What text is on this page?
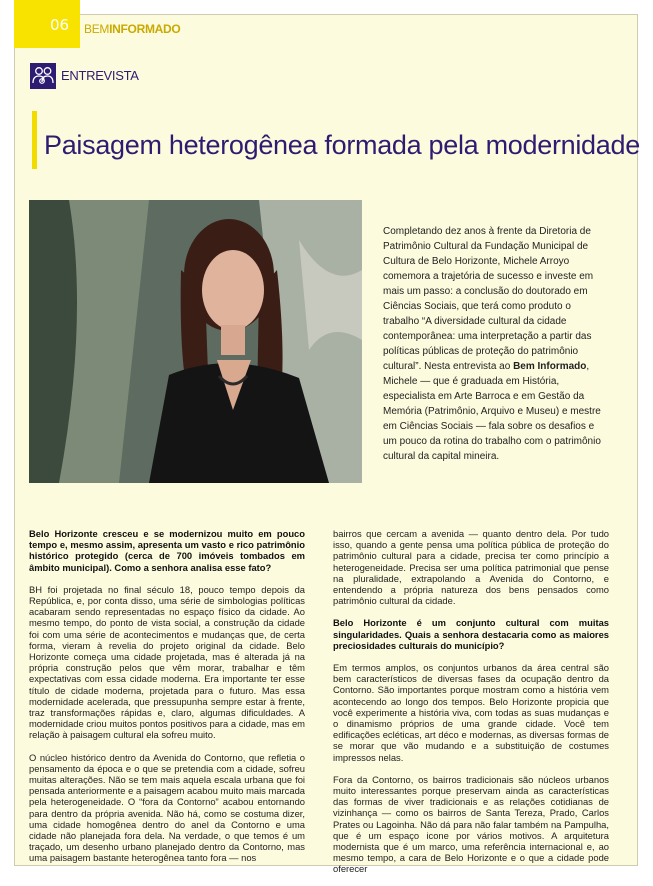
06 BEMINFORMADO
ENTREVISTA
Paisagem heterogênea formada pela modernidade
Completando dez anos à frente da Diretoria de Patrimônio Cultural da Fundação Municipal de Cultura de Belo Horizonte, Michele Arroyo comemora a trajetória de sucesso e investe em mais um passo: a conclusão do doutorado em Ciências Sociais, que terá como produto o trabalho “A diversidade cultural da cidade contemporânea: uma interpretação a partir das políticas públicas de proteção do patrimônio cultural”. Nesta entrevista ao Bem Informado, Michele — que é graduada em História, especialista em Arte Barroca e em Gestão da Memória (Patrimônio, Arquivo e Museu) e mestre em Ciências Sociais — fala sobre os desafios e um pouco da rotina do trabalho com o patrimônio cultural da capital mineira.

Belo Horizonte cresceu e se modernizou muito em pouco tempo e, mesmo assim, apresenta um vasto e rico patrimônio histórico protegido (cerca de 700 imóveis tombados em âmbito municipal). Como a senhora analisa esse fato?

BH foi projetada no final século 18, pouco tempo depois da República, e, por conta disso, uma série de simbologias políticas acabaram sendo representadas no espaço físico da cidade. Ao mesmo tempo, do ponto de vista social, a construção da cidade foi com uma série de acontecimentos e mudanças que, de certa forma, vieram à revelia do projeto original da cidade. Belo Horizonte começa uma cidade projetada, mas é alterada já na própria construção pelos que vêm morar, trabalhar e têm expectativas com essa cidade moderna. Era importante ter esse título de cidade moderna, projetada para o futuro. Mas essa modernidade acelerada, que pressupunha sempre estar à frente, traz transformações rápidas e, claro, algumas dificuldades. A modernidade criou muitos pontos positivos para a cidade, mas em relação à paisagem cultural ela sofreu muito.

O núcleo histórico dentro da Avenida do Contorno, que refletia o pensamento da época e o que se pretendia com a cidade, sofreu muitas alterações. Não se tem mais aquela escala urbana que foi pensada anteriormente e a paisagem acabou muito mais marcada pela heterogeneidade. O “fora da Contorno” acabou entornando para dentro da própria avenida. Não há, como se costuma dizer, uma cidade homogênea dentro do anel da Contorno e uma cidade não planejada fora dela. Na verdade, o que temos é um traçado, um desenho urbano planejado dentro da Contorno, mas uma paisagem bastante heterogênea tanto fora — nos

bairros que cercam a avenida — quanto dentro dela. Por tudo isso, quando a gente pensa uma política pública de proteção do patrimônio cultural para a cidade, precisa ter como princípio a heterogeneidade. Precisa ser uma política patrimonial que pense na pluralidade, extrapolando a Avenida do Contorno, e entendendo a própria natureza dos bens pensados como patrimônio cultural da cidade.

Belo Horizonte é um conjunto cultural com muitas singularidades. Quais a senhora destacaria como as maiores preciosidades culturais do município?

Em termos amplos, os conjuntos urbanos da área central são bem característicos de diversas fases da ocupação dentro da Contorno. São importantes porque mostram como a história vem acontecendo ao longo dos tempos. Belo Horizonte propicia que você experimente a história viva, com todas as suas mudanças e o dinamismo próprios de uma grande cidade. Você tem edificações ecléticas, art déco e modernas, as diversas formas de se morar que vão mudando e a substituição de costumes impressos nelas.

Fora da Contorno, os bairros tradicionais são núcleos urbanos muito interessantes porque preservam ainda as características das formas de viver tradicionais e as relações cotidianas de vizinhança — como os bairros de Santa Tereza, Prado, Carlos Prates ou Lagoinha. Não dá para não falar também na Pampulha, que é um espaço icone por vários motivos. A arquitetura modernista que é um marco, uma referência internacional e, ao mesmo tempo, a cara de Belo Horizonte e o que a cidade pode oferecer
